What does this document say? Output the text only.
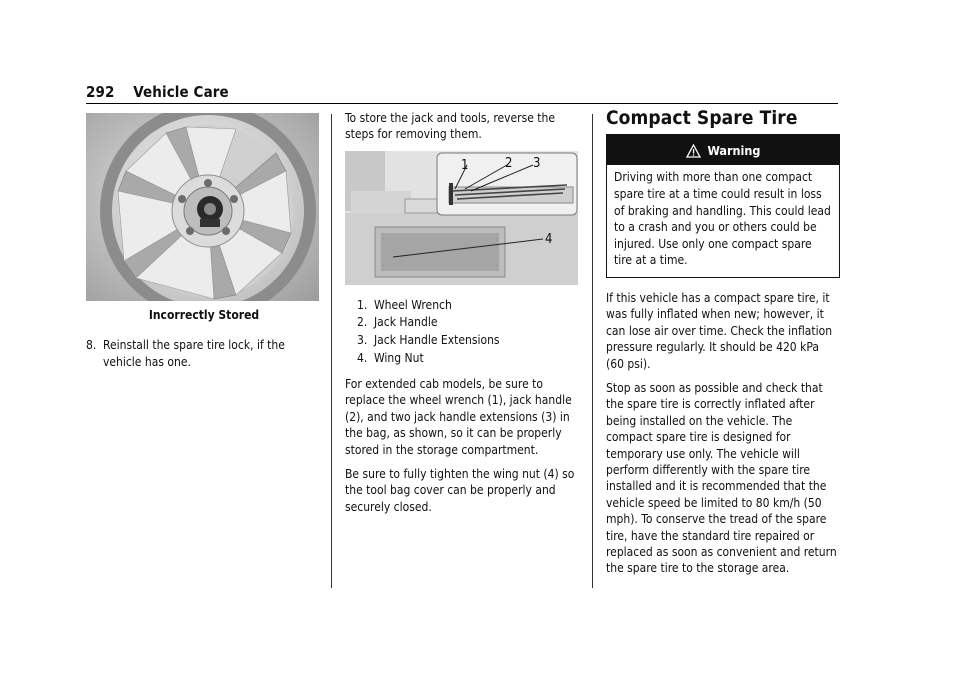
292 Vehicle Care
Incorrectly Stored
8. Reinstall the spare tire lock, if the vehicle has one.

To store the jack and tools, reverse the steps for removing them.

1	2 3
4
1. Wheel Wrench
2. Jack Handle
3. Jack Handle Extensions
4. Wing Nut

For extended cab models, be sure to replace the wheel wrench (1), jack handle (2), and two jack handle extensions (3) in the bag, as shown, so it can be properly stored in the storage compartment.

Be sure to fully tighten the wing nut (4) so the tool bag cover can be properly and securely closed.

Compact Spare Tire
Warning
Driving with more than one compact spare tire at a time could result in loss of braking and handling. This could lead to a crash and you or others could be injured. Use only one compact spare tire at a time.

If this vehicle has a compact spare tire, it was fully inflated when new; however, it can lose air over time. Check the inflation pressure regularly. It should be 420 kPa (60 psi).

Stop as soon as possible and check that the spare tire is correctly inflated after being installed on the vehicle. The compact spare tire is designed for temporary use only. The vehicle will perform differently with the spare tire installed and it is recommended that the vehicle speed be limited to 80 km/h (50 mph). To conserve the tread of the spare tire, have the standard tire repaired or replaced as soon as convenient and return the spare tire to the storage area.
